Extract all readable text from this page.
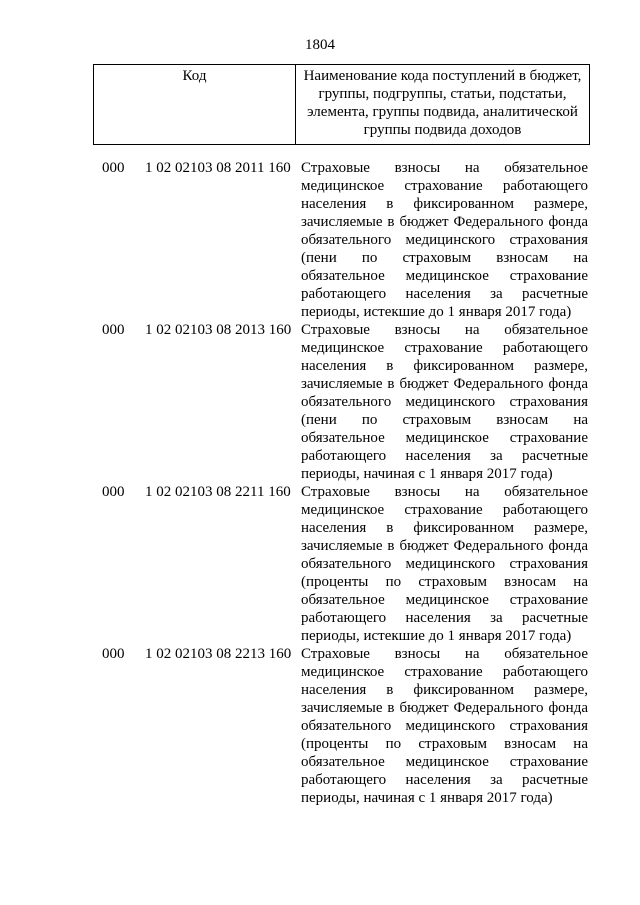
1804
Код	Наименование кода поступлений в бюджет, группы, подгруппы, статьи, подстатьи, элемента, группы подвида, аналитической группы подвида доходов
000 1 02 02103 08 2011 160 Страховые взносы на обязательное медицинское страхование работающего населения в фиксированном размере, зачисляемые в бюджет Федерального фонда обязательного медицинского страхования (пени по страховым взносам на обязательное медицинское страхование работающего населения за расчетные периоды, истекшие до 1 января 2017 года)
000 1 02 02103 08 2013 160 Страховые взносы на обязательное медицинское страхование работающего населения в фиксированном размере, зачисляемые в бюджет Федерального фонда обязательного медицинского страхования (пени по страховым взносам на обязательное медицинское страхование работающего населения за расчетные периоды, начиная с 1 января 2017 года)
000 1 02 02103 08 2211 160 Страховые взносы на обязательное медицинское страхование работающего населения в фиксированном размере, зачисляемые в бюджет Федерального фонда обязательного медицинского страхования (проценты по страховым взносам на обязательное медицинское страхование работающего населения за расчетные периоды, истекшие до 1 января 2017 года)
000 1 02 02103 08 2213 160 Страховые взносы на обязательное медицинское страхование работающего населения в фиксированном размере, зачисляемые в бюджет Федерального фонда обязательного медицинского страхования (проценты по страховым взносам на обязательное медицинское страхование работающего населения за расчетные периоды, начиная с 1 января 2017 года)
